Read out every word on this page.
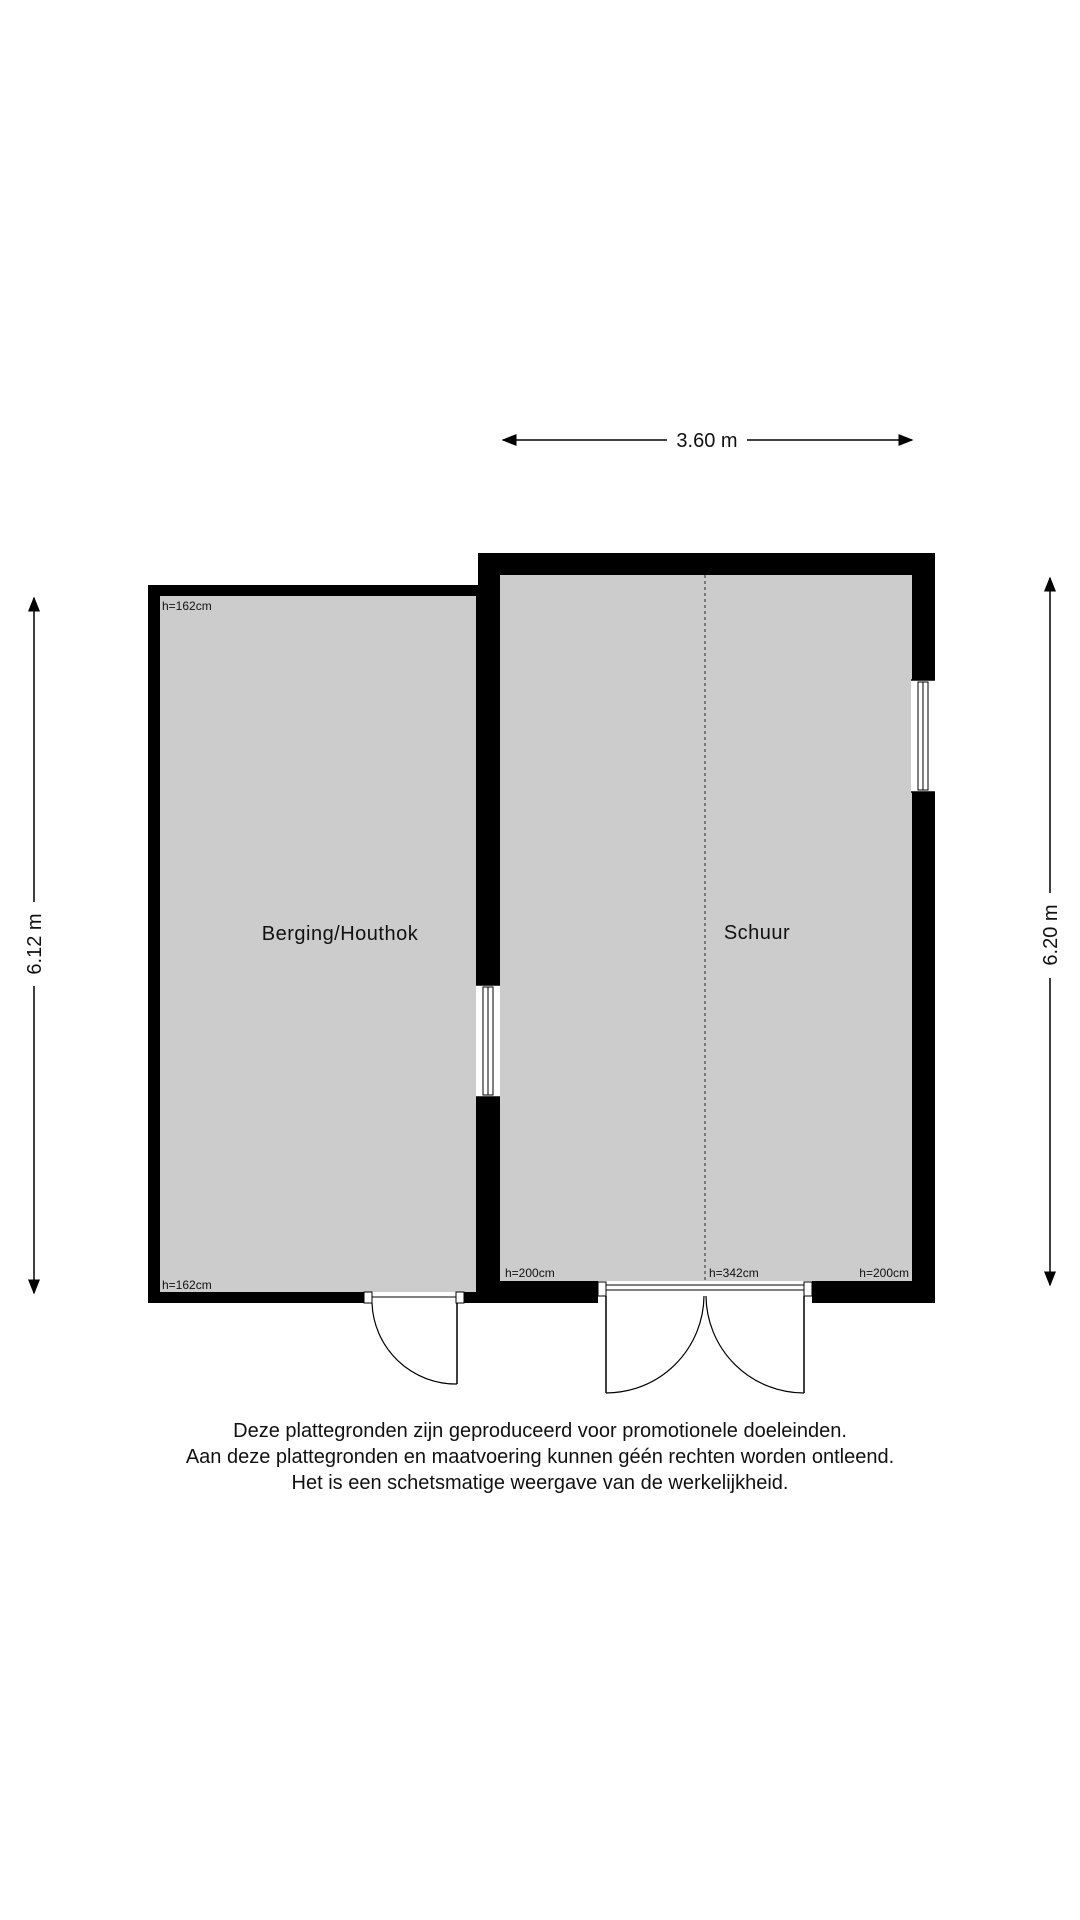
Berging/Houthok	Schuur
h=162cm
h=162cm
h=200cm	h=342cm	h=200cm
3.60 m
6.12 m	6.20 m
Deze plattegronden zijn geproduceerd voor promotionele doeleinden.
Aan deze plattegronden en maatvoering kunnen géén rechten worden ontleend.
Het is een schetsmatige weergave van de werkelijkheid.
